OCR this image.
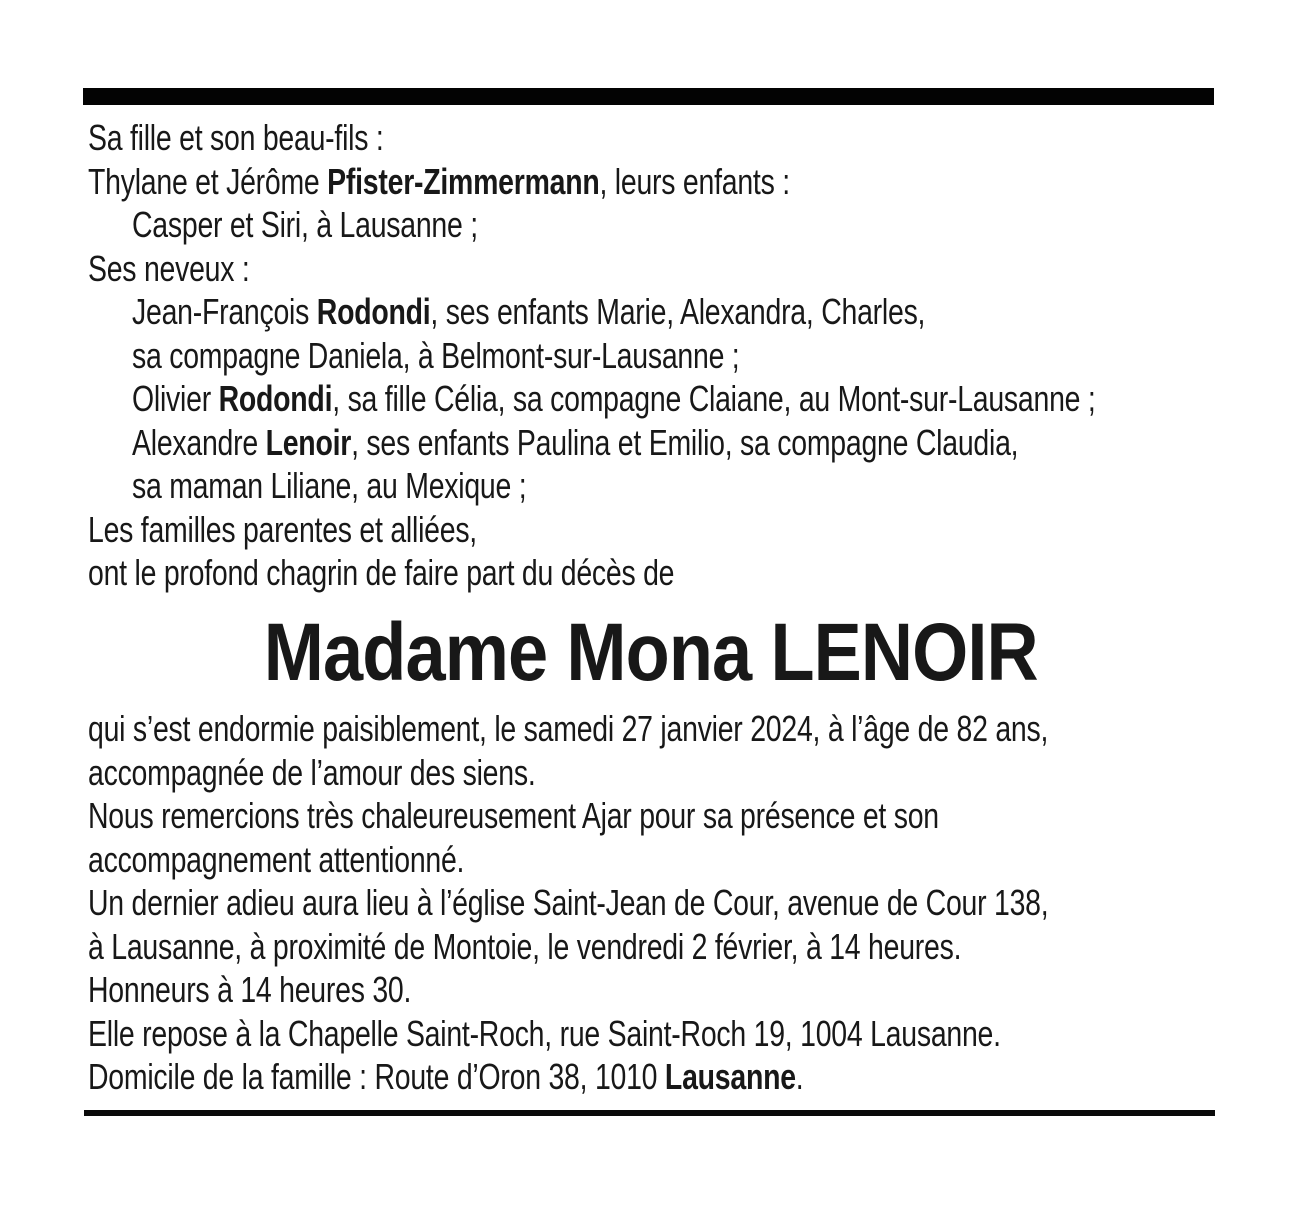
Sa fille et son beau-fils :
Thylane et Jérôme Pfister-Zimmermann, leurs enfants :
Casper et Siri, à Lausanne ;
Ses neveux :
Jean-François Rodondi, ses enfants Marie, Alexandra, Charles,
sa compagne Daniela, à Belmont-sur-Lausanne ;
Olivier Rodondi, sa fille Célia, sa compagne Claiane, au Mont-sur-Lausanne ;
Alexandre Lenoir, ses enfants Paulina et Emilio, sa compagne Claudia,
sa maman Liliane, au Mexique ;
Les familles parentes et alliées,
ont le profond chagrin de faire part du décès de
Madame Mona LENOIR
qui s’est endormie paisiblement, le samedi 27 janvier 2024, à l’âge de 82 ans,
accompagnée de l’amour des siens.
Nous remercions très chaleureusement Ajar pour sa présence et son
accompagnement attentionné.
Un dernier adieu aura lieu à l’église Saint-Jean de Cour, avenue de Cour 138,
à Lausanne, à proximité de Montoie, le vendredi 2 février, à 14 heures.
Honneurs à 14 heures 30.
Elle repose à la Chapelle Saint-Roch, rue Saint-Roch 19, 1004 Lausanne.
Domicile de la famille : Route d’Oron 38, 1010 Lausanne.
